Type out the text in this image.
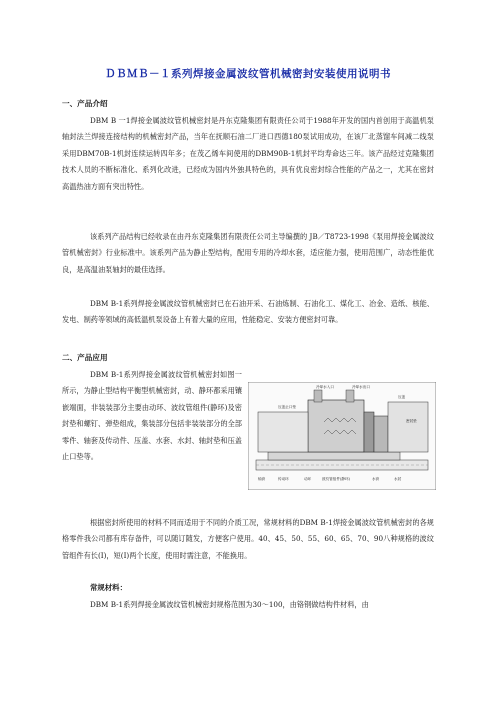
ＤＢＭＢ－１系列焊接金属波纹管机械密封安装使用说明书
一、产品介绍
DBM B 一1焊接金属波纹管机械密封是丹东克隆集团有限责任公司于1988年开发的国内首创用于高温机泵轴封法兰焊接连接结构的机械密封产品，当年在抚顺石油二厂进口西德180泵试用成功，在该厂北蒸馏车间减二线泵采用DBM70B-1机封连续运转四年多；在茂乙烯车间使用的DBM90B-1机封平均寿命达三年。该产品经过克隆集团技术人员的不断标准化、系列化改进，已经成为国内外独具特色的，具有优良密封综合性能的产品之一，尤其在密封高温热油方面有突出特性。
该系列产品结构已经收录在由丹东克隆集团有限责任公司主导编撰的 JB／T8723-1998《泵用焊接金属波纹管机械密封》行业标准中。该系列产品为静止型结构，配用专用的冷却水套，适应能力强，使用范围广，动态性能优良，是高温油泵轴封的最佳选择。
DBM B-1系列焊接金属波纹管机械密封已在石油开采、石油炼制、石油化工、煤化工、冶金、造纸、核能、发电、制药等领域的高低温机泵设备上有着大量的应用，性能稳定、安装方便密封可靠。
二、产品应用
DBM B-1系列焊接金属波纹管机械密封如图一所示，为静止型结构平衡型机械密封，动、静环都采用镶嵌端面，非装装部分主要由动环、波纹管组件(静环)及密封垫和螺钉、弹垫组成，集装部分包括非装装部分的全部零件、轴套及传动件、压盖、水套、水封、轴封垫和压盖止口垫等。
冷却水入口	冷却水出口
压盖止口垫
压盖
轴套	传动环	动环	波纹管组件(静环)	水套	水封
密封垫
根据密封所使用的材料不同而适用于不同的介质工况，常规材料的DBM B-1焊接金属波纹管机械密封的各规格零件我公司都有库存备件，可以随订随发，方便客户使用。40、45、50、55、60、65、70、90八种规格的波纹管组件有长(I)，短(I)两个长度，使用时需注意，不能换用。
常规材料：
DBM B-1系列焊接金属波纹管机械密封规格范围为30～100，由铬钢做结构件材料，由
